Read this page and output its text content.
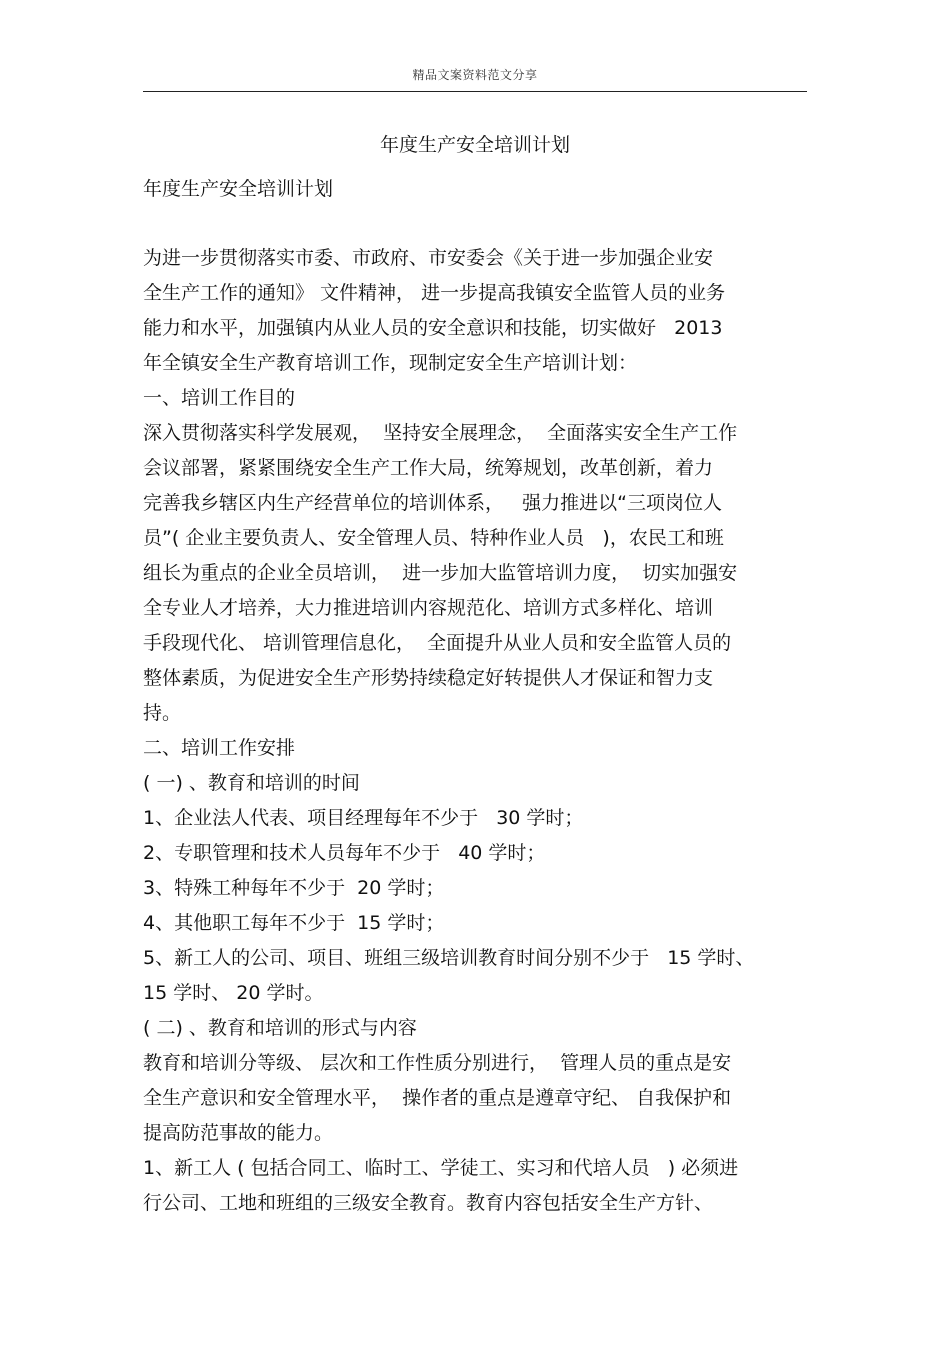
精品文案资料范文分享
年度生产安全培训计划

年度生产安全培训计划

为进一步贯彻落实市委、市政府、市安委会《关于进一步加强企业安

全生产工作的通知》 文件精神， 进一步提高我镇安全监管人员的业务

能力和水平，加强镇内从业人员的安全意识和技能，切实做好   2013

年全镇安全生产教育培训工作，现制定安全生产培训计划：

一、培训工作目的

深入贯彻落实科学发展观，  坚持安全展理念，  全面落实安全生产工作

会议部署，紧紧围绕安全生产工作大局，统筹规划，改革创新，着力

完善我乡辖区内生产经营单位的培训体系，   强力推进以“三项岗位人

员”( 企业主要负责人、安全管理人员、特种作业人员   )，农民工和班

组长为重点的企业全员培训，  进一步加大监管培训力度，  切实加强安

全专业人才培养，大力推进培训内容规范化、培训方式多样化、培训

手段现代化、 培训管理信息化，  全面提升从业人员和安全监管人员的

整体素质，为促进安全生产形势持续稳定好转提供人才保证和智力支

持。

二、培训工作安排

( 一) 、教育和培训的时间

1、企业法人代表、项目经理每年不少于   30 学时；

2、专职管理和技术人员每年不少于   40 学时；

3、特殊工种每年不少于  20 学时；

4、其他职工每年不少于  15 学时；

5、新工人的公司、项目、班组三级培训教育时间分别不少于   15 学时、

15 学时、 20 学时。

( 二) 、教育和培训的形式与内容

教育和培训分等级、 层次和工作性质分别进行，  管理人员的重点是安

全生产意识和安全管理水平，  操作者的重点是遵章守纪、 自我保护和

提高防范事故的能力。

1、新工人 ( 包括合同工、临时工、学徒工、实习和代培人员   ) 必须进

行公司、工地和班组的三级安全教育。教育内容包括安全生产方针、
